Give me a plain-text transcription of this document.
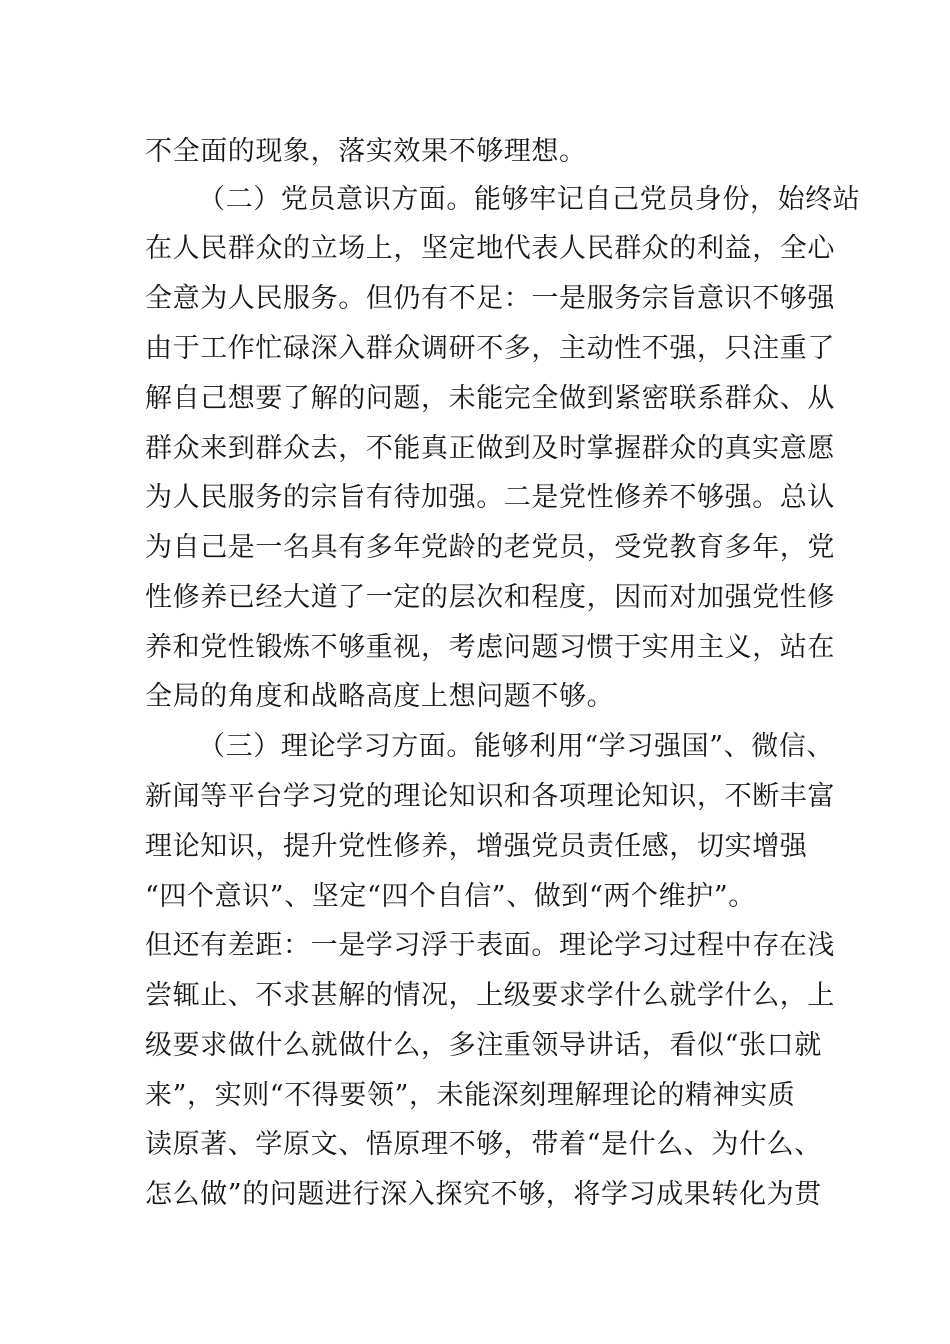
不全面的现象，落实效果不够理想。
（二）党员意识方面。能够牢记自己党员身份，始终站
在人民群众的立场上，坚定地代表人民群众的利益，全心
全意为人民服务。但仍有不足：一是服务宗旨意识不够强
由于工作忙碌深入群众调研不多，主动性不强，只注重了
解自己想要了解的问题，未能完全做到紧密联系群众、从
群众来到群众去，不能真正做到及时掌握群众的真实意愿
为人民服务的宗旨有待加强。二是党性修养不够强。总认
为自己是一名具有多年党龄的老党员，受党教育多年，党
性修养已经大道了一定的层次和程度，因而对加强党性修
养和党性锻炼不够重视，考虑问题习惯于实用主义，站在
全局的角度和战略高度上想问题不够。
（三）理论学习方面。能够利用“学习强国”、微信、
新闻等平台学习党的理论知识和各项理论知识，不断丰富
理论知识，提升党性修养，增强党员责任感，切实增强
“四个意识”、坚定“四个自信”、做到“两个维护”。
但还有差距：一是学习浮于表面。理论学习过程中存在浅
尝辄止、不求甚解的情况，上级要求学什么就学什么，上
级要求做什么就做什么，多注重领导讲话，看似“张口就
来”，实则“不得要领”，未能深刻理解理论的精神实质
读原著、学原文、悟原理不够，带着“是什么、为什么、
怎么做”的问题进行深入探究不够，将学习成果转化为贯
